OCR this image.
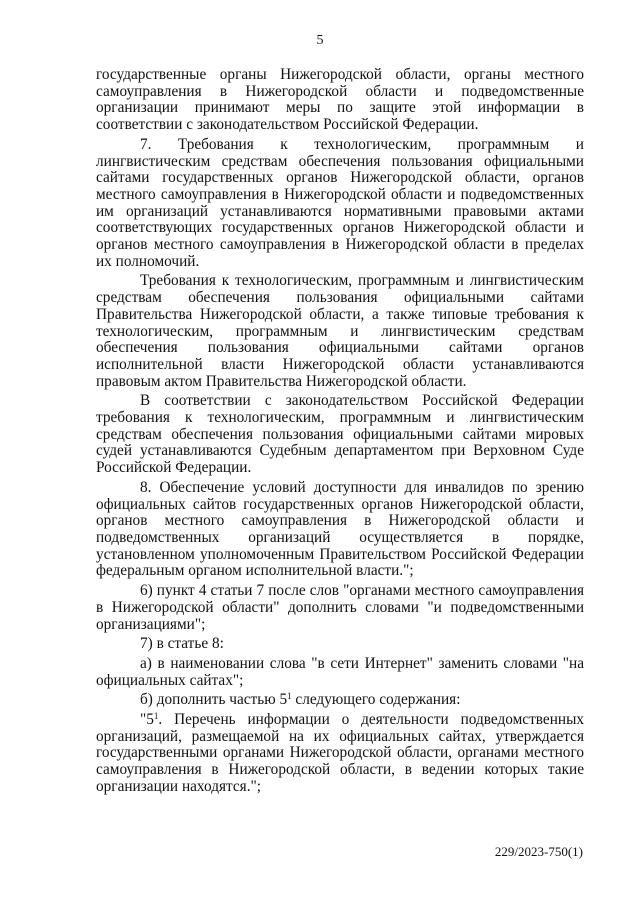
5

государственные органы Нижегородской области, органы местного самоуправления в Нижегородской области и подведомственные организации принимают меры по защите этой информации в соответствии с законодательством Российской Федерации.

7. Требования к технологическим, программным и лингвистическим средствам обеспечения пользования официальными сайтами государственных органов Нижегородской области, органов местного самоуправления в Нижегородской области и подведомственных им организаций устанавливаются нормативными правовыми актами соответствующих государственных органов Нижегородской области и органов местного самоуправления в Нижегородской области в пределах их полномочий.

Требования к технологическим, программным и лингвистическим средствам обеспечения пользования официальными сайтами Правительства Нижегородской области, а также типовые требования к технологическим, программным и лингвистическим средствам обеспечения пользования официальными сайтами органов исполнительной власти Нижегородской области устанавливаются правовым актом Правительства Нижегородской области.

В соответствии с законодательством Российской Федерации требования к технологическим, программным и лингвистическим средствам обеспечения пользования официальными сайтами мировых судей устанавливаются Судебным департаментом при Верховном Суде Российской Федерации.

8. Обеспечение условий доступности для инвалидов по зрению официальных сайтов государственных органов Нижегородской области, органов местного самоуправления в Нижегородской области и подведомственных организаций осуществляется в порядке, установленном уполномоченным Правительством Российской Федерации федеральным органом исполнительной власти.";

6) пункт 4 статьи 7 после слов "органами местного самоуправления в Нижегородской области" дополнить словами "и подведомственными организациями";

7) в статье 8:

а) в наименовании слова "в сети Интернет" заменить словами "на официальных сайтах";

б) дополнить частью $5^1$ следующего содержания:

"$5^1$. Перечень информации о деятельности подведомственных организаций, размещаемой на их официальных сайтах, утверждается государственными органами Нижегородской области, органами местного самоуправления в Нижегородской области, в ведении которых такие организации находятся.";

229/2023-750(1)
